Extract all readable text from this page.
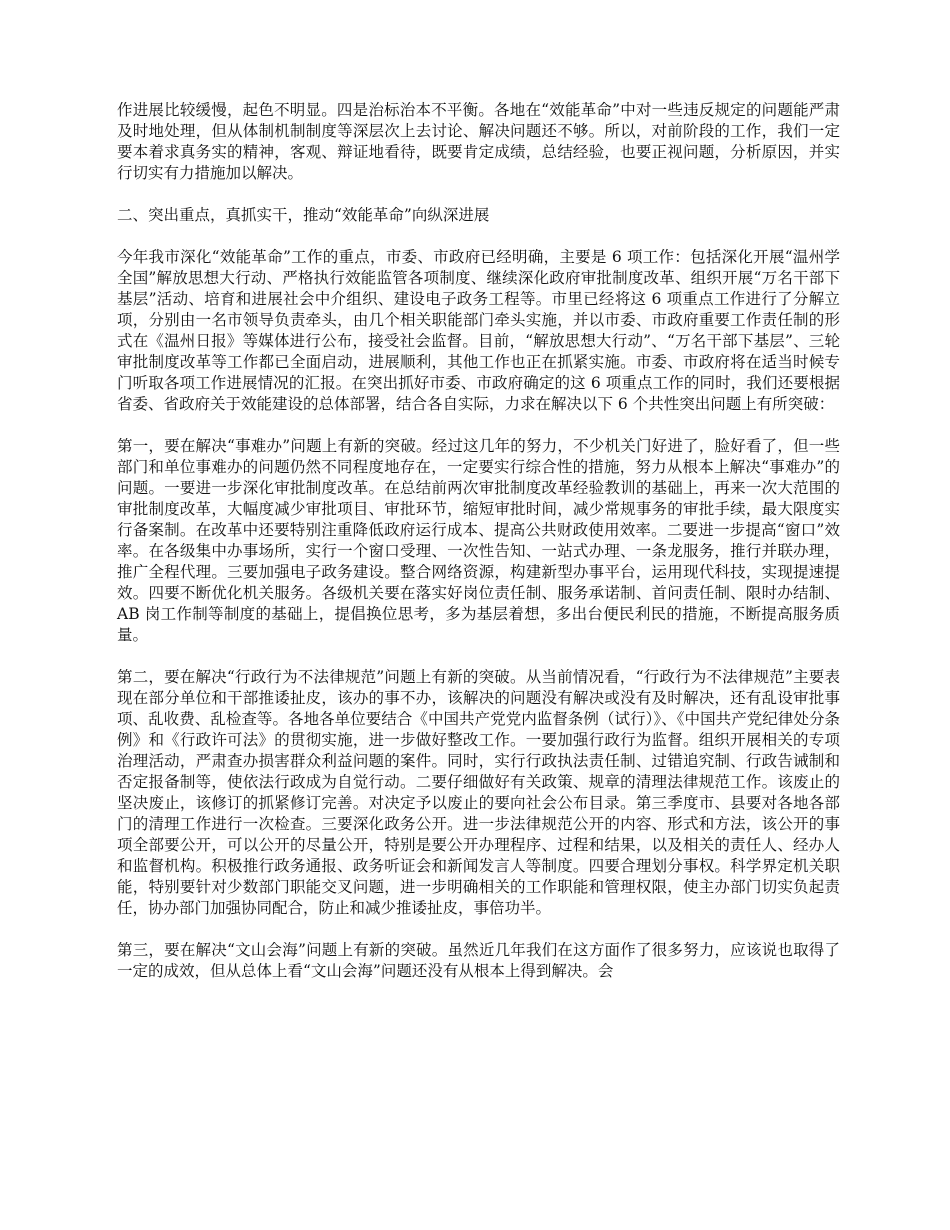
作进展比较缓慢，起色不明显。四是治标治本不平衡。各地在“效能革命”中对一些违反规定的问题能严肃及时地处理，但从体制机制制度等深层次上去讨论、解决问题还不够。所以，对前阶段的工作，我们一定要本着求真务实的精神，客观、辩证地看待，既要肯定成绩，总结经验，也要正视问题，分析原因，并实行切实有力措施加以解决。

二、突出重点，真抓实干，推动“效能革命”向纵深进展

今年我市深化“效能革命”工作的重点，市委、市政府已经明确，主要是 6 项工作：包括深化开展“温州学全国”解放思想大行动、严格执行效能监管各项制度、继续深化政府审批制度改革、组织开展“万名干部下基层”活动、培育和进展社会中介组织、建设电子政务工程等。市里已经将这 6 项重点工作进行了分解立项，分别由一名市领导负责牵头，由几个相关职能部门牵头实施，并以市委、市政府重要工作责任制的形式在《温州日报》等媒体进行公布，接受社会监督。目前，“解放思想大行动”、“万名干部下基层”、三轮审批制度改革等工作都已全面启动，进展顺利，其他工作也正在抓紧实施。市委、市政府将在适当时候专门听取各项工作进展情况的汇报。在突出抓好市委、市政府确定的这 6 项重点工作的同时，我们还要根据省委、省政府关于效能建设的总体部署，结合各自实际，力求在解决以下 6 个共性突出问题上有所突破：

第一，要在解决“事难办”问题上有新的突破。经过这几年的努力，不少机关门好进了，脸好看了，但一些部门和单位事难办的问题仍然不同程度地存在，一定要实行综合性的措施，努力从根本上解决“事难办”的问题。一要进一步深化审批制度改革。在总结前两次审批制度改革经验教训的基础上，再来一次大范围的审批制度改革，大幅度减少审批项目、审批环节，缩短审批时间，减少常规事务的审批手续，最大限度实行备案制。在改革中还要特别注重降低政府运行成本、提高公共财政使用效率。二要进一步提高“窗口”效率。在各级集中办事场所，实行一个窗口受理、一次性告知、一站式办理、一条龙服务，推行并联办理，推广全程代理。三要加强电子政务建设。整合网络资源，构建新型办事平台，运用现代科技，实现提速提效。四要不断优化机关服务。各级机关要在落实好岗位责任制、服务承诺制、首问责任制、限时办结制、AB 岗工作制等制度的基础上，提倡换位思考，多为基层着想，多出台便民利民的措施，不断提高服务质量。

第二，要在解决“行政行为不法律规范”问题上有新的突破。从当前情况看，“行政行为不法律规范”主要表现在部分单位和干部推诿扯皮，该办的事不办，该解决的问题没有解决或没有及时解决，还有乱设审批事项、乱收费、乱检查等。各地各单位要结合《中国共产党党内监督条例（试行）》、《中国共产党纪律处分条例》和《行政许可法》的贯彻实施，进一步做好整改工作。一要加强行政行为监督。组织开展相关的专项治理活动，严肃查办损害群众利益问题的案件。同时，实行行政执法责任制、过错追究制、行政告诫制和否定报备制等，使依法行政成为自觉行动。二要仔细做好有关政策、规章的清理法律规范工作。该废止的坚决废止，该修订的抓紧修订完善。对决定予以废止的要向社会公布目录。第三季度市、县要对各地各部门的清理工作进行一次检查。三要深化政务公开。进一步法律规范公开的内容、形式和方法，该公开的事项全部要公开，可以公开的尽量公开，特别是要公开办理程序、过程和结果，以及相关的责任人、经办人和监督机构。积极推行政务通报、政务听证会和新闻发言人等制度。四要合理划分事权。科学界定机关职能，特别要针对少数部门职能交叉问题，进一步明确相关的工作职能和管理权限，使主办部门切实负起责任，协办部门加强协同配合，防止和减少推诿扯皮，事倍功半。

第三，要在解决“文山会海”问题上有新的突破。虽然近几年我们在这方面作了很多努力，应该说也取得了一定的成效，但从总体上看“文山会海”问题还没有从根本上得到解决。会
